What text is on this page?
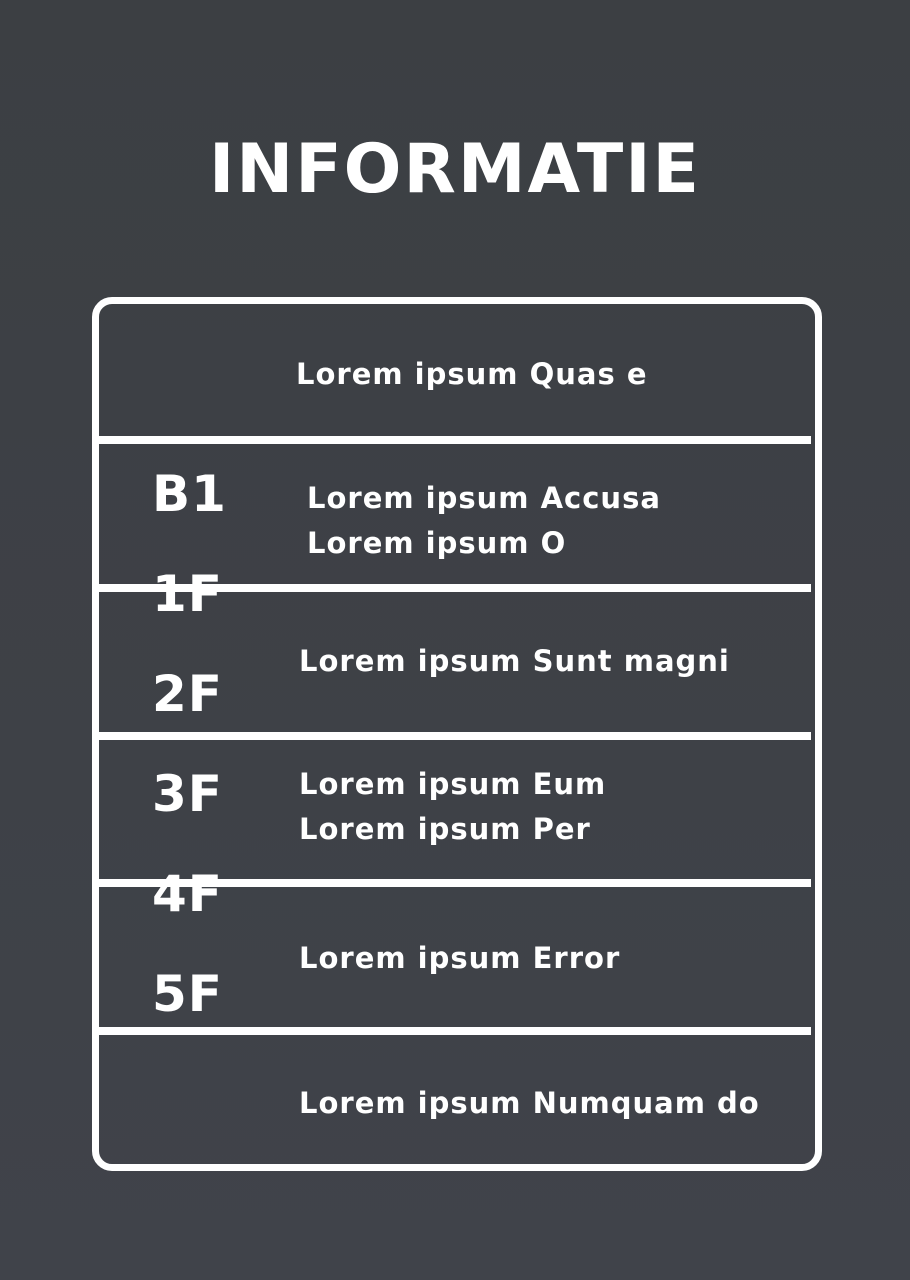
INFORMATIE
Lorem ipsum Quas e
Lorem ipsum Accusa
Lorem ipsum O
Lorem ipsum Sunt magni
Lorem ipsum Eum
Lorem ipsum Per
Lorem ipsum Error
Lorem ipsum Numquam do
B1
1F
2F
3F
4F
5F
